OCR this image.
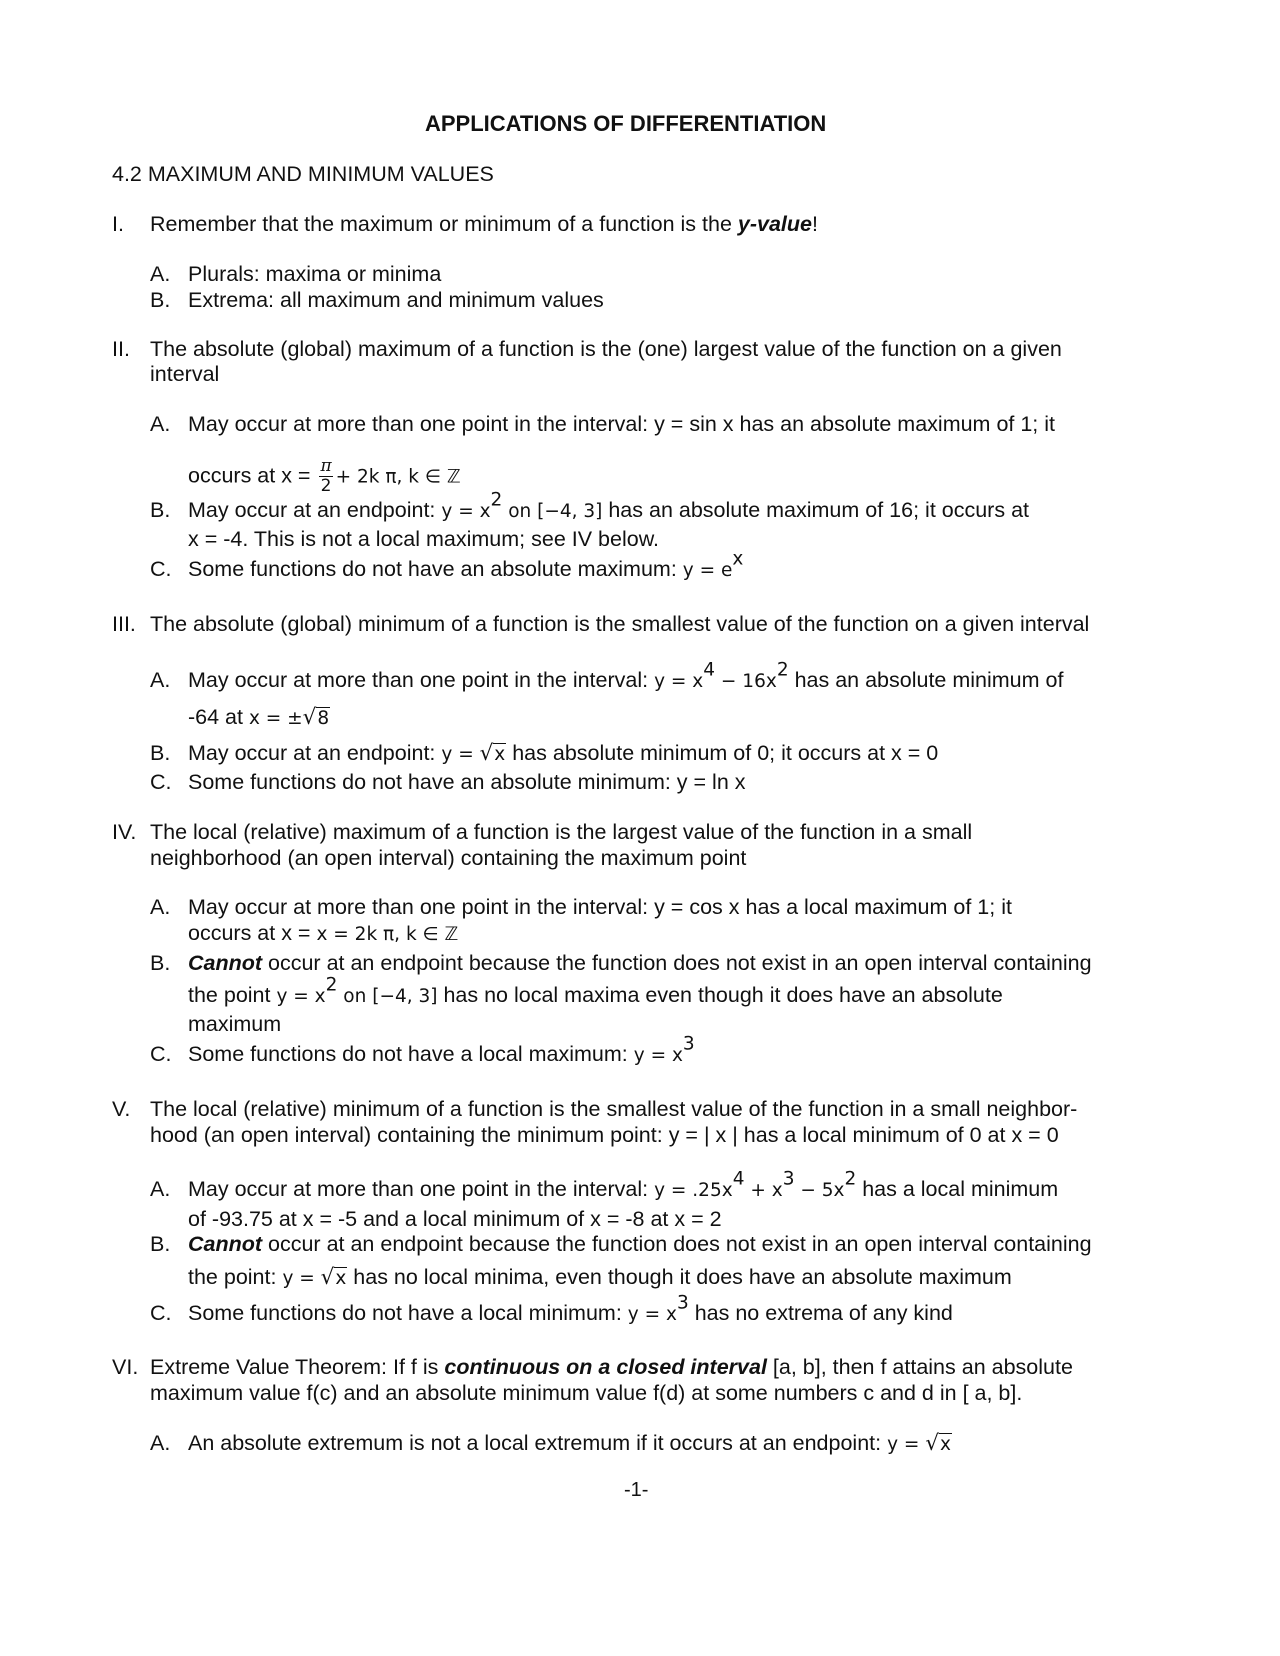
APPLICATIONS OF DIFFERENTIATION
4.2 MAXIMUM AND MINIMUM VALUES
I. Remember that the maximum or minimum of a function is the y-value!
A. Plurals: maxima or minima
B. Extrema: all maximum and minimum values
II. The absolute (global) maximum of a function is the (one) largest value of the function on a given
interval
A. May occur at more than one point in the interval: y = sin x has an absolute maximum of 1; it
occurs at $x = \frac{\pi}{2} + 2k$ π, k ∈ ℤ
B. May occur at an endpoint: $y = x^2$ on [−4, 3] has an absolute maximum of 16; it occurs at
x = -4. This is not a local maximum; see IV below.
C. Some functions do not have an absolute maximum: $y = e^x$
III. The absolute (global) minimum of a function is the smallest value of the function on a given interval
A. May occur at more than one point in the interval: $y = x^4 - 16x^2$ has an absolute minimum of
-64 at x = ±√8
B. May occur at an endpoint: y = √x has absolute minimum of 0; it occurs at x = 0
C. Some functions do not have an absolute minimum: y = ln x
IV. The local (relative) maximum of a function is the largest value of the function in a small
neighborhood (an open interval) containing the maximum point
A. May occur at more than one point in the interval: y = cos x has a local maximum of 1; it
occurs at x = x = 2k π, k ∈ ℤ
B. Cannot occur at an endpoint because the function does not exist in an open interval containing
the point $y = x^2$ on [−4, 3] has no local maxima even though it does have an absolute
maximum
C. Some functions do not have a local maximum: $y = x^3$
V. The local (relative) minimum of a function is the smallest value of the function in a small neighbor-
hood (an open interval) containing the minimum point: y = | x | has a local minimum of 0 at x = 0
A. May occur at more than one point in the interval: $y = .25x^4 + x^3 - 5x^2$ has a local minimum
of -93.75 at x = -5 and a local minimum of x = -8 at x = 2
B. Cannot occur at an endpoint because the function does not exist in an open interval containing
the point: y = √x has no local minima, even though it does have an absolute maximum
C. Some functions do not have a local minimum: $y = x^3$ has no extrema of any kind
VI. Extreme Value Theorem: If f is continuous on a closed interval [a, b], then f attains an absolute
maximum value f(c) and an absolute minimum value f(d) at some numbers c and d in [ a, b].
A. An absolute extremum is not a local extremum if it occurs at an endpoint: y = √x
-1-
